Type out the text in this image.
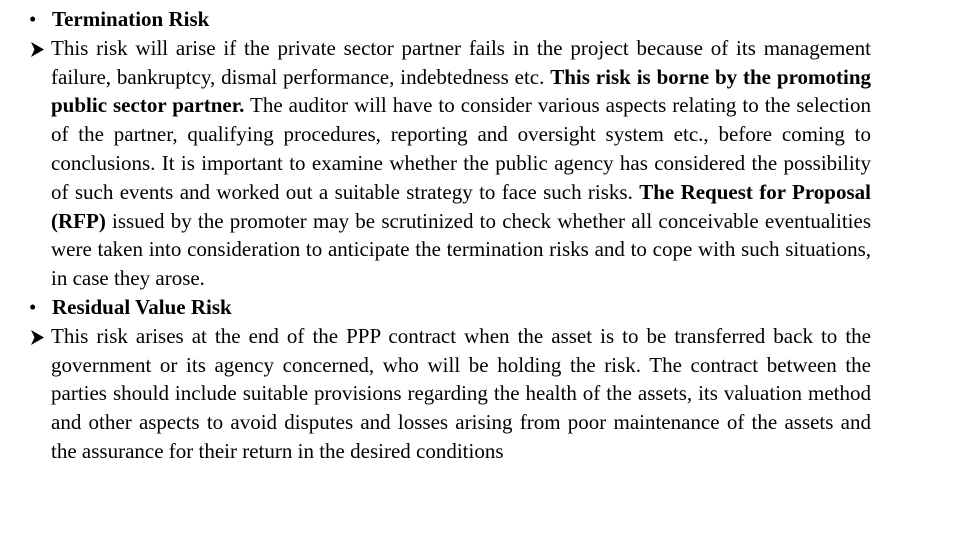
• Termination Risk
This risk will arise if the private sector partner fails in the project because of its management failure, bankruptcy, dismal performance, indebtedness etc. This risk is borne by the promoting public sector partner. The auditor will have to consider various aspects relating to the selection of the partner, qualifying procedures, reporting and oversight system etc., before coming to conclusions. It is important to examine whether the public agency has considered the possibility of such events and worked out a suitable strategy to face such risks. The Request for Proposal (RFP) issued by the promoter may be scrutinized to check whether all conceivable eventualities were taken into consideration to anticipate the termination risks and to cope with such situations, in case they arose.
• Residual Value Risk
This risk arises at the end of the PPP contract when the asset is to be transferred back to the government or its agency concerned, who will be holding the risk. The contract between the parties should include suitable provisions regarding the health of the assets, its valuation method and other aspects to avoid disputes and losses arising from poor maintenance of the assets and the assurance for their return in the desired conditions
